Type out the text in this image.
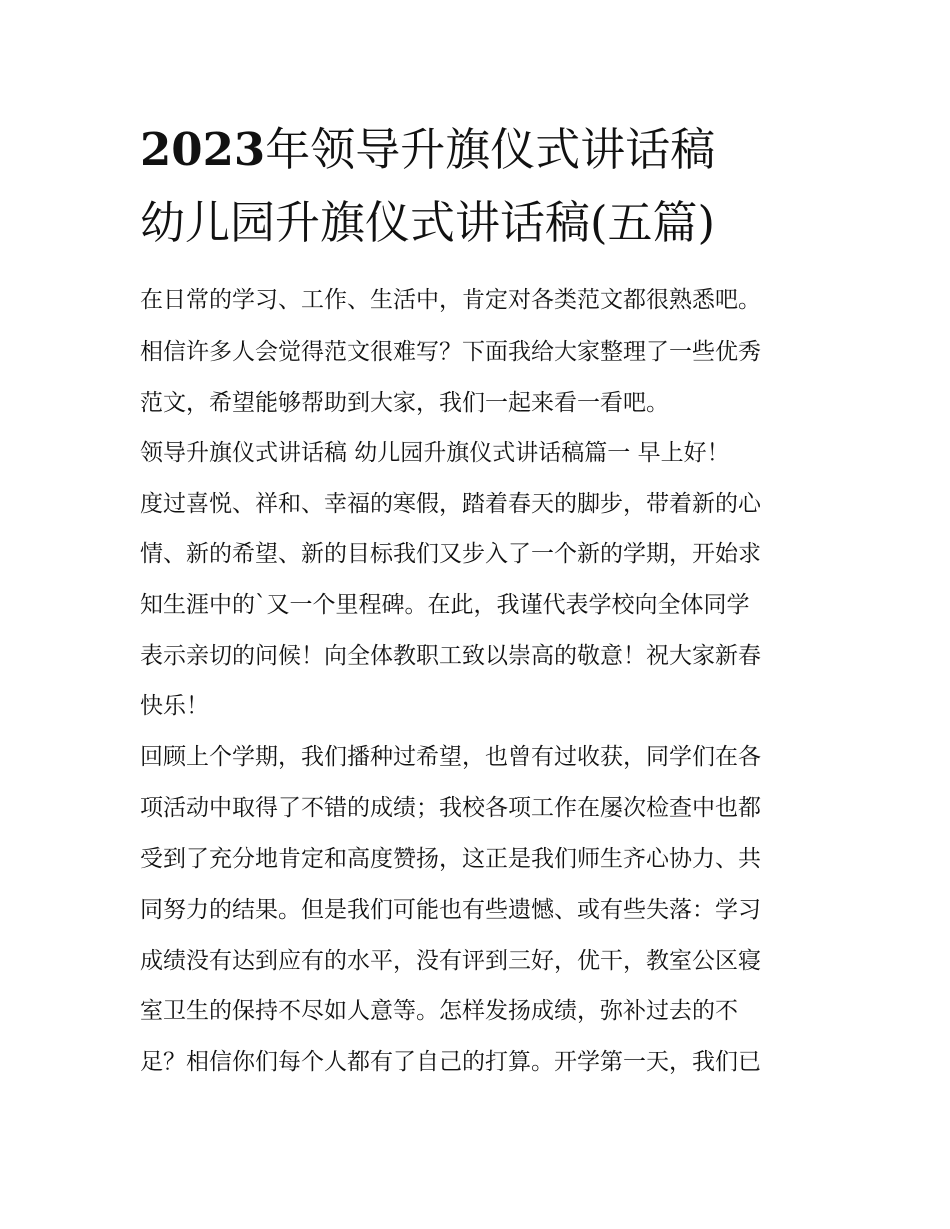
2023年领导升旗仪式讲话稿
幼儿园升旗仪式讲话稿(五篇)

在日常的学习、工作、生活中，肯定对各类范文都很熟悉吧。

相信许多人会觉得范文很难写？下面我给大家整理了一些优秀

范文，希望能够帮助到大家，我们一起来看一看吧。

领导升旗仪式讲话稿 幼儿园升旗仪式讲话稿篇一 早上好！

度过喜悦、祥和、幸福的寒假，踏着春天的脚步，带着新的心

情、新的希望、新的目标我们又步入了一个新的学期，开始求

知生涯中的`又一个里程碑。在此，我谨代表学校向全体同学

表示亲切的问候！向全体教职工致以崇高的敬意！祝大家新春

快乐！

回顾上个学期，我们播种过希望，也曾有过收获，同学们在各

项活动中取得了不错的成绩；我校各项工作在屡次检查中也都

受到了充分地肯定和高度赞扬，这正是我们师生齐心协力、共

同努力的结果。但是我们可能也有些遗憾、或有些失落：学习

成绩没有达到应有的水平，没有评到三好，优干，教室公区寝

室卫生的保持不尽如人意等。怎样发扬成绩，弥补过去的不

足？相信你们每个人都有了自己的打算。开学第一天，我们已
